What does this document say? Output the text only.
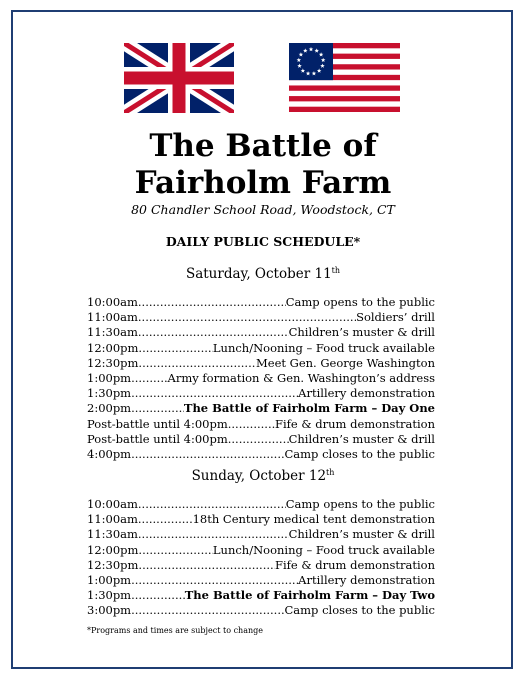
The Battle of
Fairholm Farm
80 Chandler School Road, Woodstock, CT
DAILY PUBLIC SCHEDULE*
Saturday, October 11th
10:00am .....	Camp opens to the public
11:00am .....	Soldiers’ drill
11:30am .....	Children’s muster & drill
12:00pm .....	Lunch/Nooning – Food truck available
12:30pm .....	Meet Gen. George Washington
1:00pm .....	Army formation & Gen. Washington’s address
1:30pm .....	Artillery demonstration
2:00pm .....	The Battle of Fairholm Farm – Day One
Post-battle until 4:00pm .....	Fife & drum demonstration
Post-battle until 4:00pm .....	Children’s muster & drill
4:00pm .....	Camp closes to the public
Sunday, October 12th
10:00am .....	Camp opens to the public
11:00am .....	18th Century medical tent demonstration
11:30am .....	Children’s muster & drill
12:00pm .....	Lunch/Nooning – Food truck available
12:30pm .....	Fife & drum demonstration
1:00pm .....	Artillery demonstration
1:30pm .....	The Battle of Fairholm Farm – Day Two
3:00pm .....	Camp closes to the public
*Programs and times are subject to change
